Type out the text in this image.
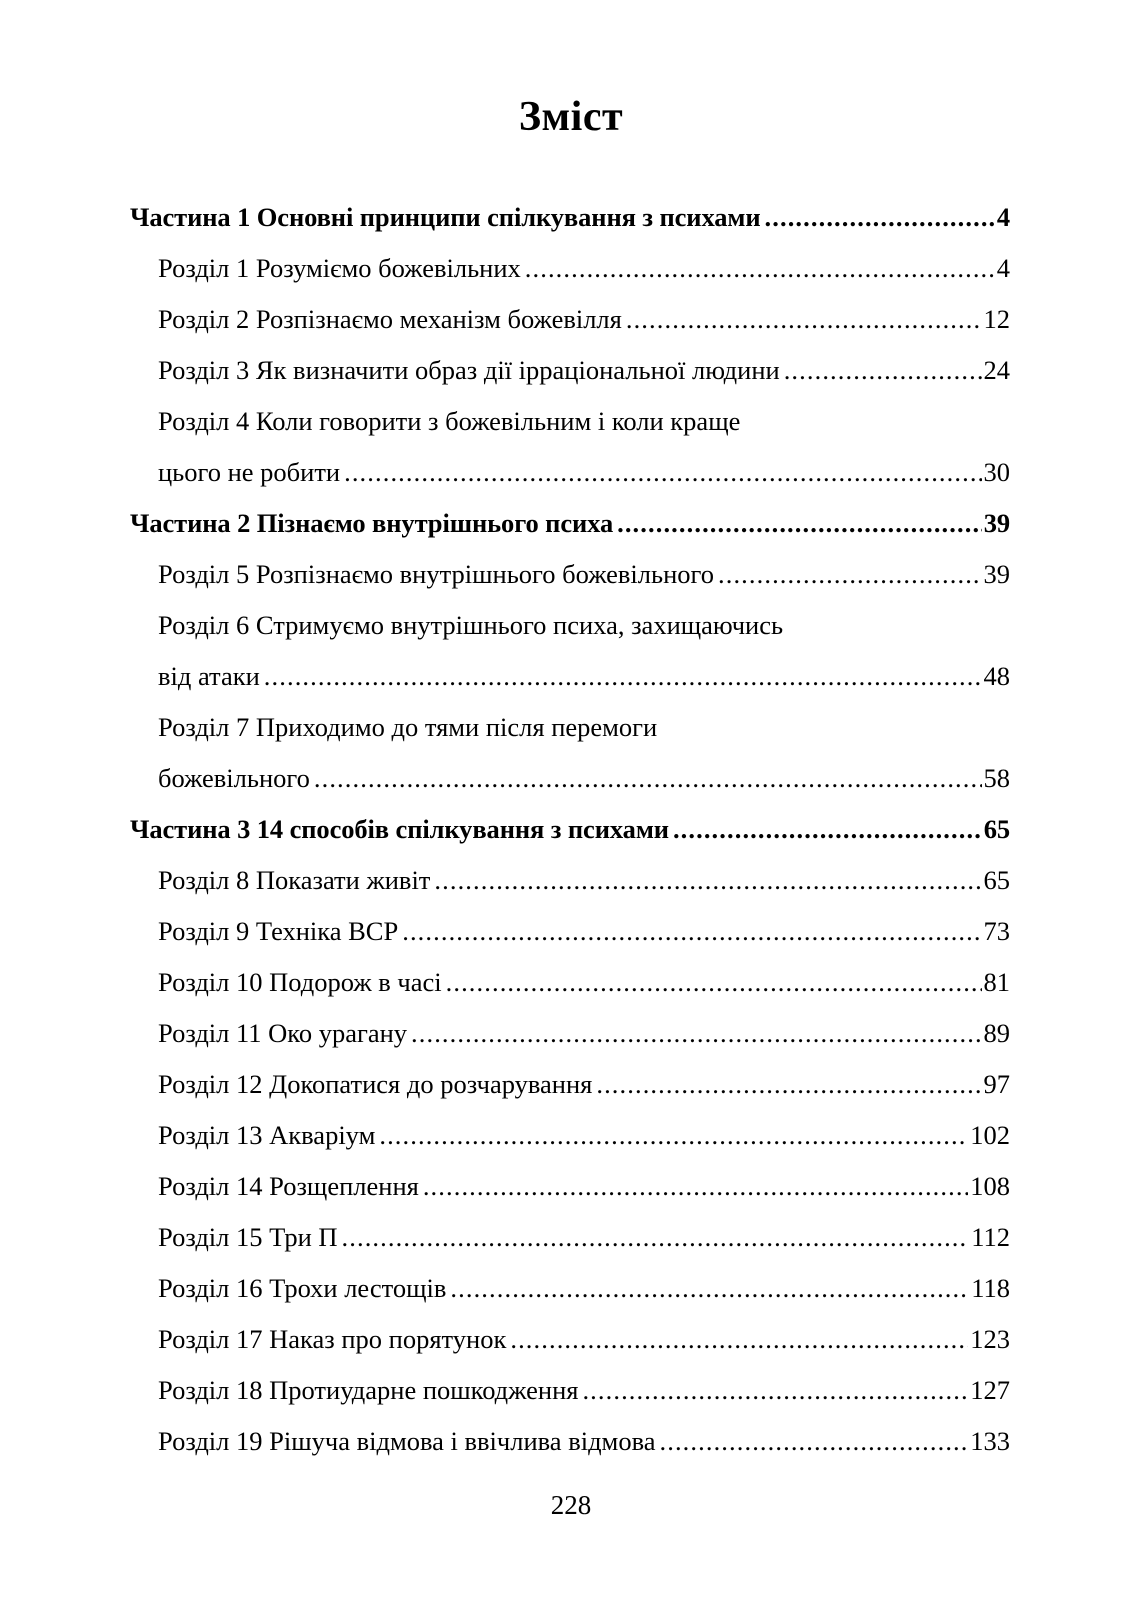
Зміст
Частина 1 Основні принципи спілкування з психами .....	4
Розділ 1 Розуміємо божевільних .....	4
Розділ 2 Розпізнаємо механізм божевілля .....	12
Розділ 3 Як визначити образ дії ірраціональної людини .....	24
Розділ 4 Коли говорити з божевільним і коли краще
цього не робити .....	30
Частина 2 Пізнаємо внутрішнього психа .....	39
Розділ 5 Розпізнаємо внутрішнього божевільного .....	39
Розділ 6 Стримуємо внутрішнього психа, захищаючись
від атаки .....	48
Розділ 7 Приходимо до тями після перемоги
божевільного .....	58
Частина 3 14 способів спілкування з психами .....	65
Розділ 8 Показати живіт .....	65
Розділ 9 Техніка ВСР .....	73
Розділ 10 Подорож в часі .....	81
Розділ 11 Око урагану .....	89
Розділ 12 Докопатися до розчарування .....	97
Розділ 13 Акваріум .....	102
Розділ 14 Розщеплення .....	108
Розділ 15 Три П .....	112
Розділ 16 Трохи лестощів .....	118
Розділ 17 Наказ про порятунок .....	123
Розділ 18 Протиударне пошкодження .....	127
Розділ 19 Рішуча відмова і ввічлива відмова .....	133
228
